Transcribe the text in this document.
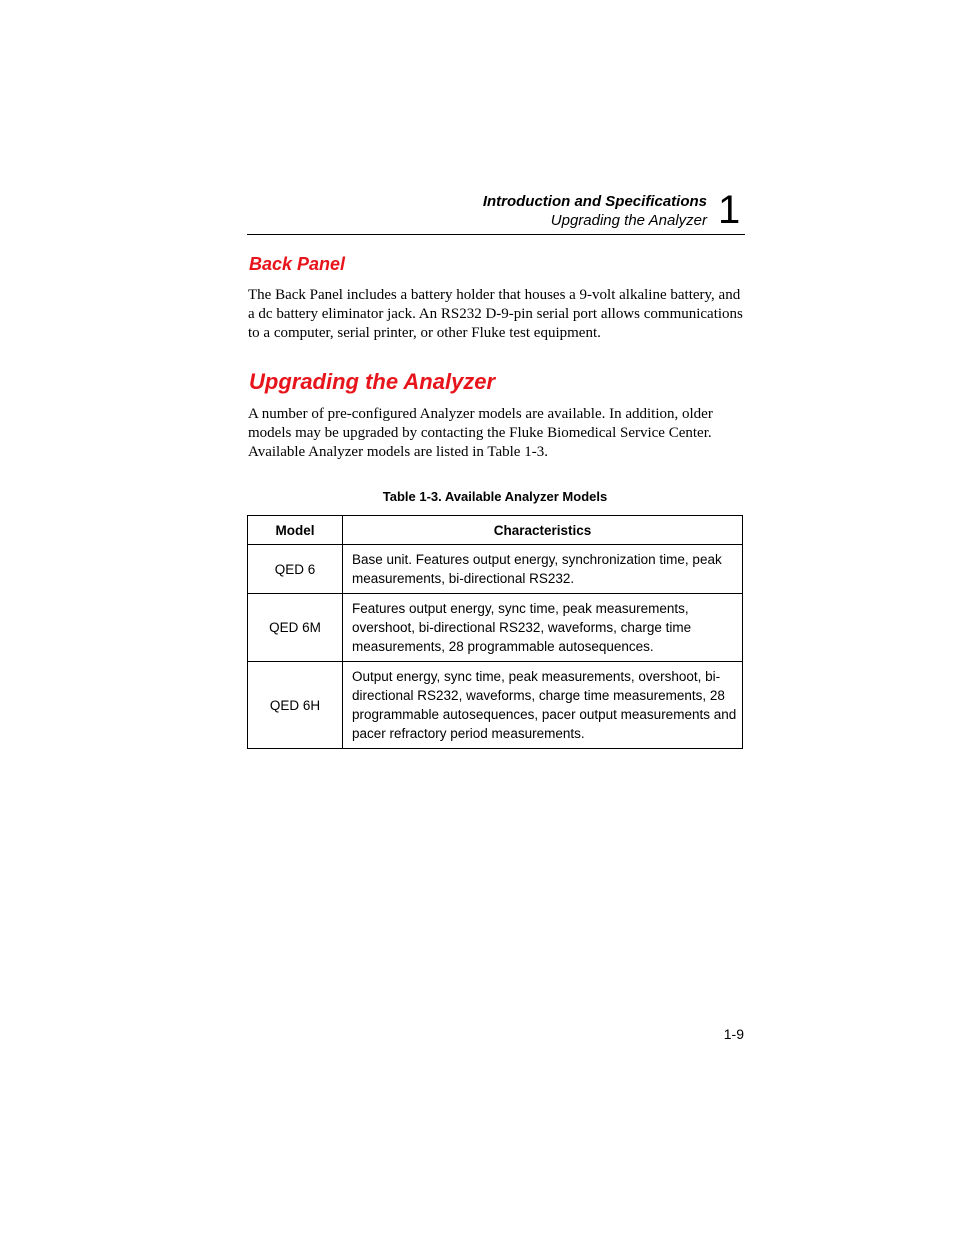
Introduction and Specifications
Upgrading the Analyzer 1
Back Panel

The Back Panel includes a battery holder that houses a 9-volt alkaline battery, and a dc battery eliminator jack. An RS232 D-9-pin serial port allows communications to a computer, serial printer, or other Fluke test equipment.

Upgrading the Analyzer

A number of pre-configured Analyzer models are available. In addition, older models may be upgraded by contacting the Fluke Biomedical Service Center. Available Analyzer models are listed in Table 1-3.

Table 1-3. Available Analyzer Models
Model	Characteristics
QED 6	Base unit. Features output energy, synchronization time, peak measurements, bi-directional RS232.
QED 6M	Features output energy, sync time, peak measurements, overshoot, bi-directional RS232, waveforms, charge time measurements, 28 programmable autosequences.
QED 6H	Output energy, sync time, peak measurements, overshoot, bi-directional RS232, waveforms, charge time measurements, 28 programmable autosequences, pacer output measurements and pacer refractory period measurements.
1-9
